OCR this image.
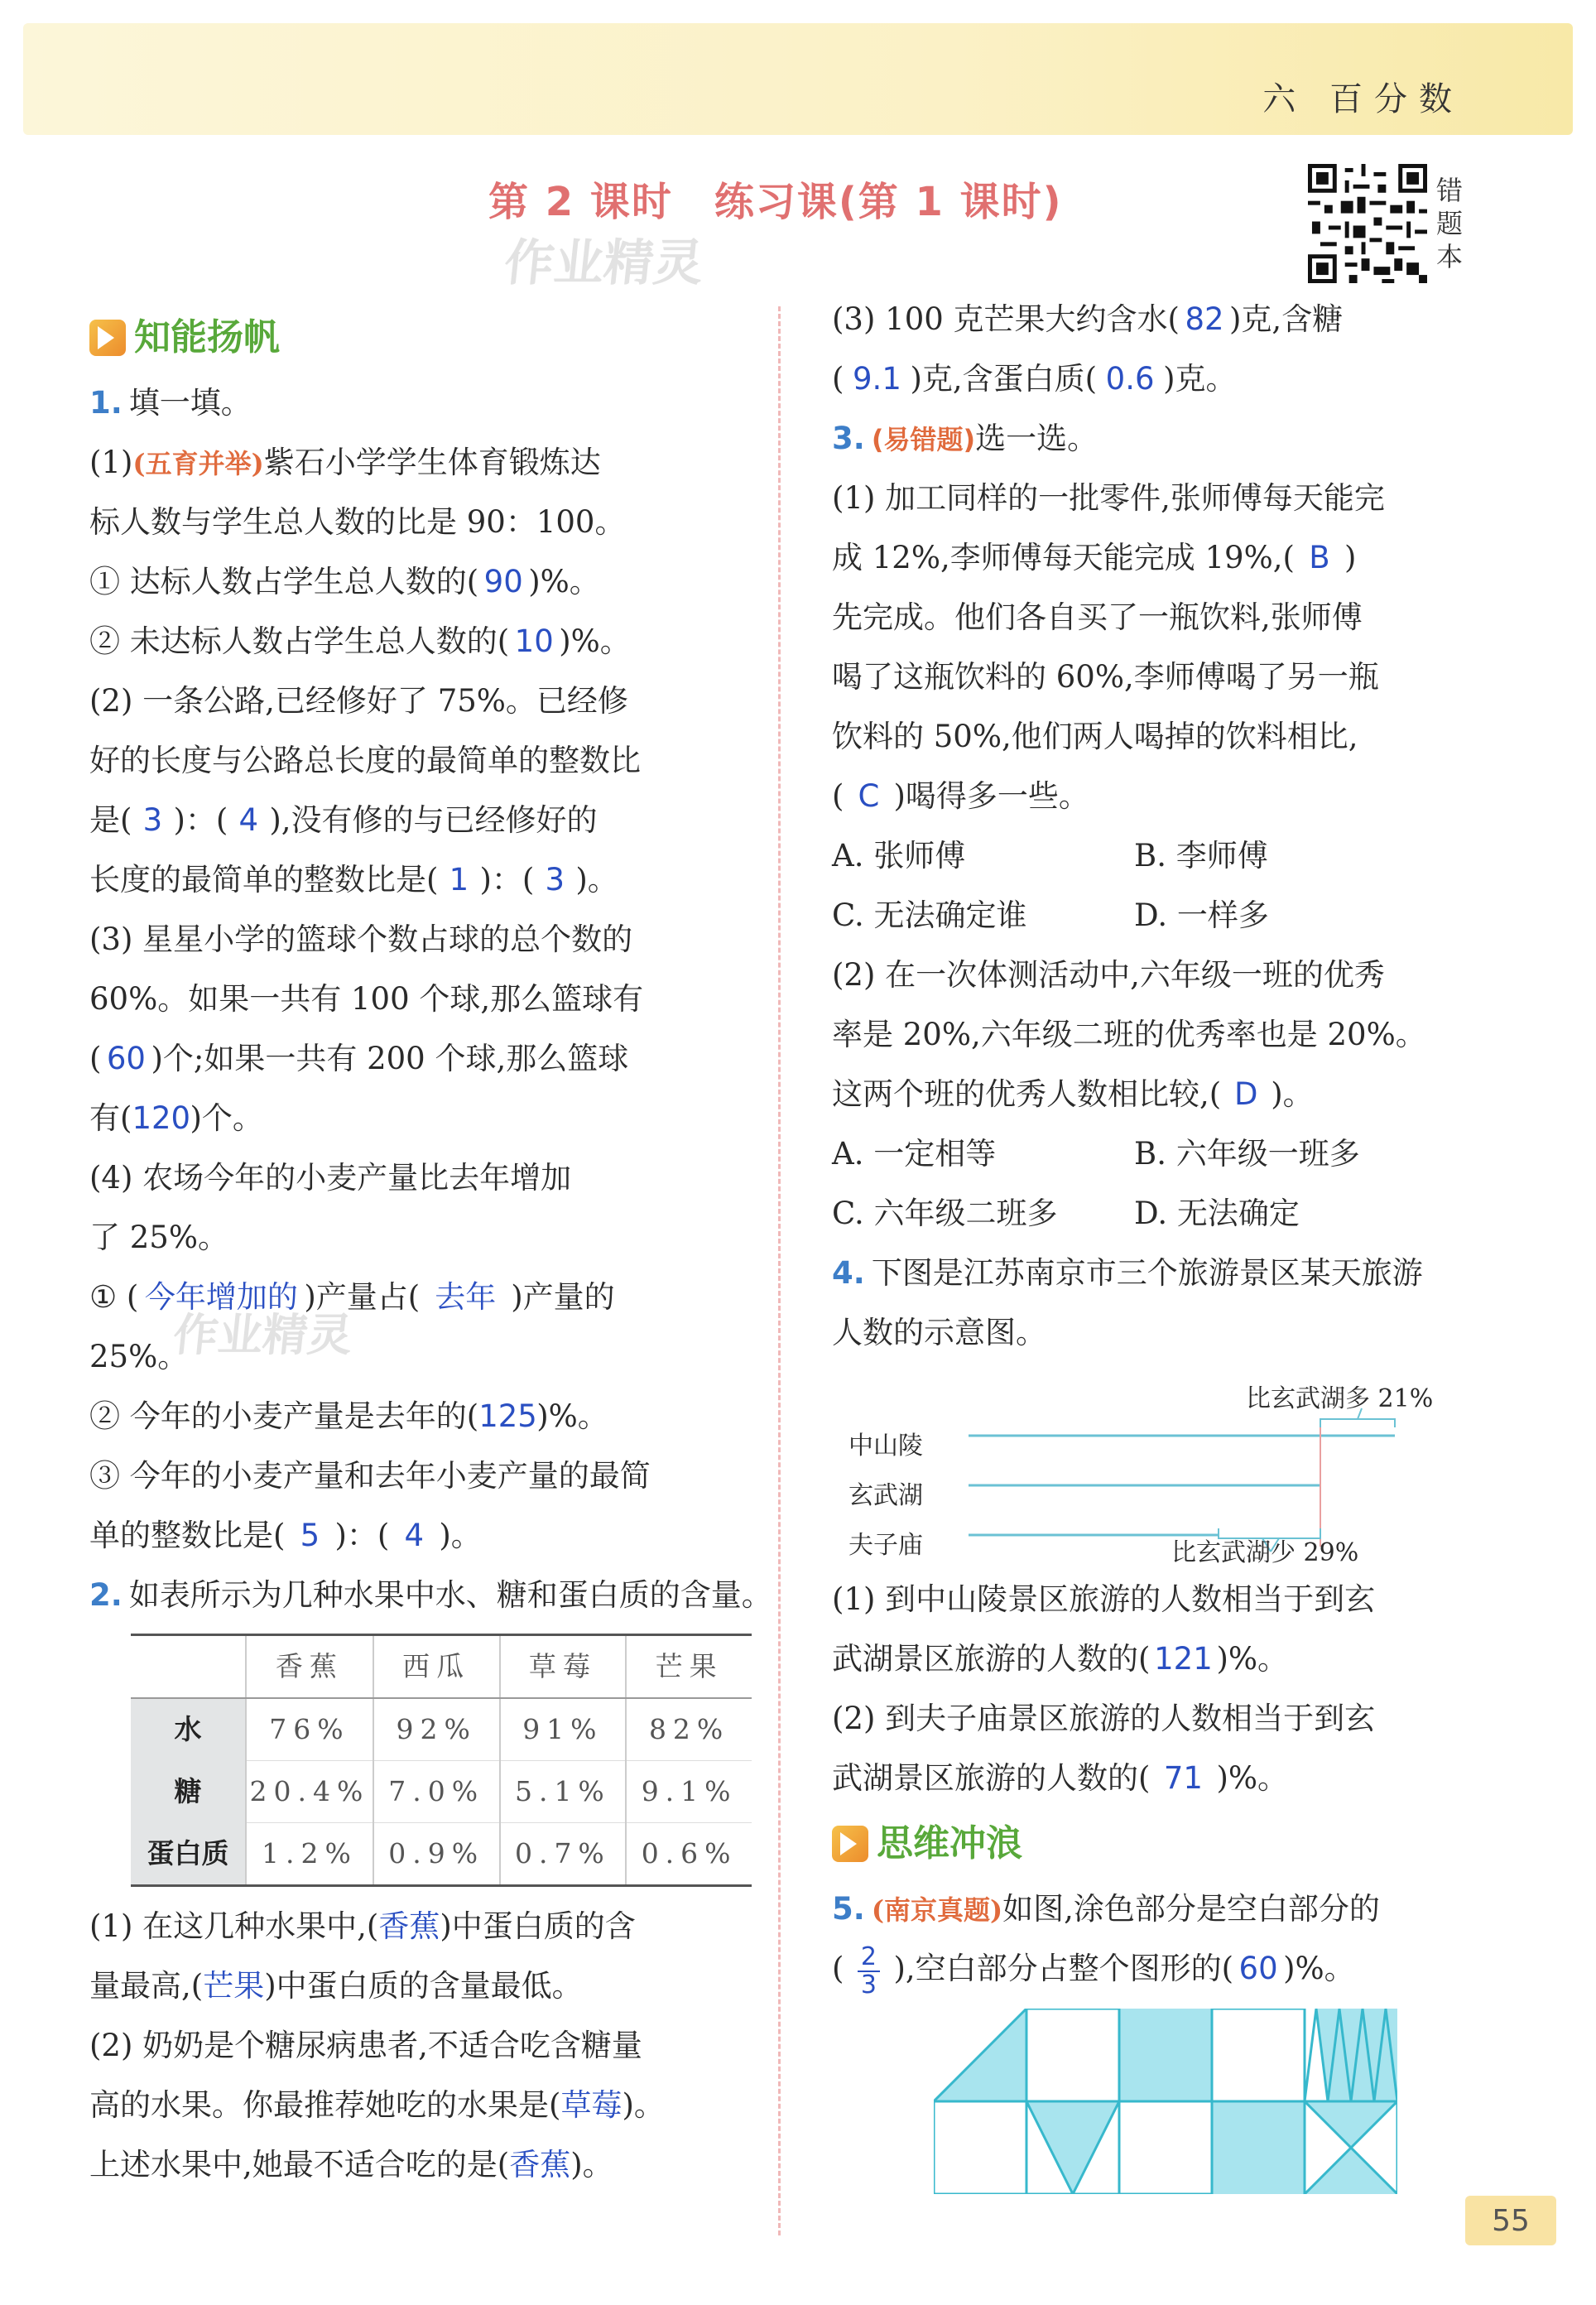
六 百分数
第 2 课时　练习课(第 1 课时)
作业精灵
错题本
知能扬帆
1. 填一填。
(1)(五育并举)紫石小学学生体育锻炼达
标人数与学生总人数的比是 90：100。
① 达标人数占学生总人数的( 90 )%。
② 未达标人数占学生总人数的( 10 )%。
(2) 一条公路,已经修好了 75%。已经修
好的长度与公路总长度的最简单的整数比
是( 3 )：( 4 ),没有修的与已经修好的
长度的最简单的整数比是( 1 )：( 3 )。
(3) 星星小学的篮球个数占球的总个数的
60%。如果一共有 100 个球,那么篮球有
( 60 )个;如果一共有 200 个球,那么篮球
有(120)个。
(4) 农场今年的小麦产量比去年增加
了 25%。
① ( 今年增加的 )产量占( 去年 )产量的
25%。
② 今年的小麦产量是去年的(125)%。
③ 今年的小麦产量和去年小麦产量的最简
单的整数比是( 5 )：( 4 )。
2. 如表所示为几种水果中水、糖和蛋白质的含量。
	香蕉	西瓜	草莓	芒果
水	76%	92%	91%	82%
糖	20.4%	7.0%	5.1%	9.1%
蛋白质	1.2%	0.9%	0.7%	0.6%
(1) 在这几种水果中,(香蕉)中蛋白质的含
量最高,(芒果)中蛋白质的含量最低。
(2) 奶奶是个糖尿病患者,不适合吃含糖量
高的水果。你最推荐她吃的水果是(草莓)。
上述水果中,她最不适合吃的是(香蕉)。
(3) 100 克芒果大约含水( 82 )克,含糖
( 9.1 )克,含蛋白质( 0.6 )克。
3. (易错题)选一选。
(1) 加工同样的一批零件,张师傅每天能完
成 12%,李师傅每天能完成 19%,( B )
先完成。他们各自买了一瓶饮料,张师傅
喝了这瓶饮料的 60%,李师傅喝了另一瓶
饮料的 50%,他们两人喝掉的饮料相比,
( C )喝得多一些。
A. 张师傅	B. 李师傅
C. 无法确定谁	D. 一样多
(2) 在一次体测活动中,六年级一班的优秀
率是 20%,六年级二班的优秀率也是 20%。
这两个班的优秀人数相比较,( D )。
A. 一定相等	B. 六年级一班多
C. 六年级二班多 D. 无法确定
4. 下图是江苏南京市三个旅游景区某天旅游
人数的示意图。
比玄武湖多 21%
中山陵
玄武湖
夫子庙	比玄武湖少 29%
(1) 到中山陵景区旅游的人数相当于到玄
武湖景区旅游的人数的( 121 )%。
(2) 到夫子庙景区旅游的人数相当于到玄
武湖景区旅游的人数的( 71 )%。
思维冲浪
5. (南京真题)如图,涂色部分是空白部分的
( $\frac{2}{3}$ ),空白部分占整个图形的( 60 )%。
作业精灵
55
